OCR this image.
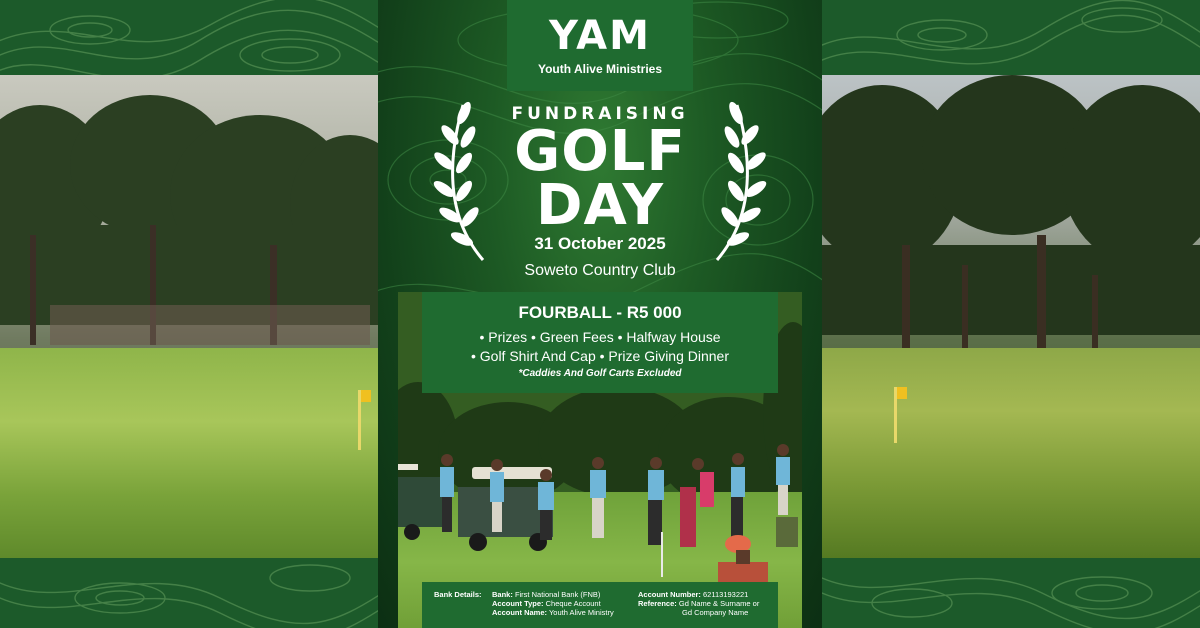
YAM
Youth Alive Ministries
FUNDRAISING
GOLF
DAY
31 October 2025
Soweto Country Club
FOURBALL - R5 000
• Prizes • Green Fees • Halfway House
• Golf Shirt And Cap • Prize Giving Dinner
*Caddies And Golf Carts Excluded
Bank Details: Bank: First National Bank (FNB)
Account Type: Cheque Account
Account Name: Youth Alive Ministry
Account Number: 62113193221
Reference: Gd Name & Surname or
Gd Company Name
